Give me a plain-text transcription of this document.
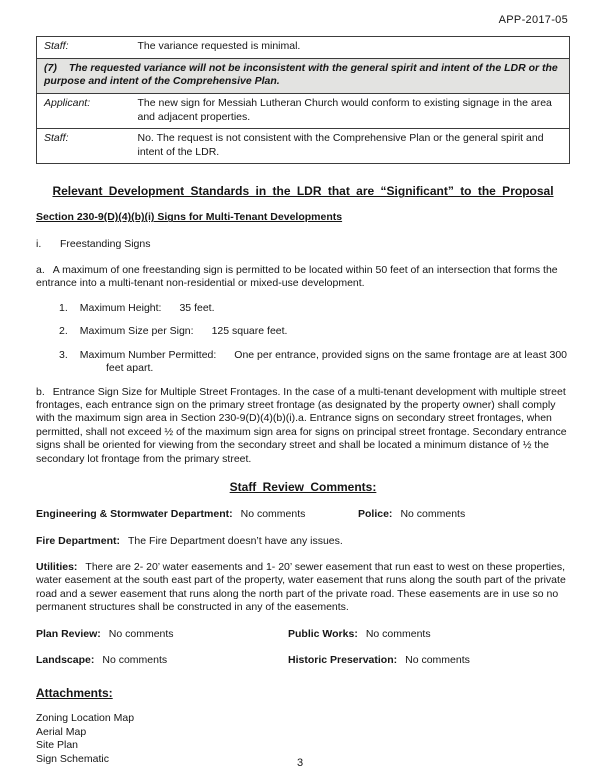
APP-2017-05
Staff:	The variance requested is minimal.
(7) The requested variance will not be inconsistent with the general spirit and intent of the LDR or the purpose and intent of the Comprehensive Plan.	
Applicant:	The new sign for Messiah Lutheran Church would conform to existing signage in the area and adjacent properties.
Staff:	No. The request is not consistent with the Comprehensive Plan or the general spirit and intent of the LDR.
Relevant Development Standards in the LDR that are “Significant” to the Proposal
Section 230-9(D)(4)(b)(i) Signs for Multi-Tenant Developments

i. Freestanding Signs

a. A maximum of one freestanding sign is permitted to be located within 50 feet of an intersection that forms the entrance into a multi-tenant non-residential or mixed-use development.

1. Maximum Height: 35 feet.
2. Maximum Size per Sign: 125 square feet.
3. Maximum Number Permitted: One per entrance, provided signs on the same frontage are at least 300 feet apart.

b. Entrance Sign Size for Multiple Street Frontages. In the case of a multi-tenant development with multiple street frontages, each entrance sign on the primary street frontage (as designated by the property owner) shall comply with the maximum sign area in Section 230-9(D)(4)(b)(i).a. Entrance signs on secondary street frontages, when permitted, shall not exceed ½ of the maximum sign area for signs on principal street frontage. Secondary entrance signs shall be oriented for viewing from the secondary street and shall be located a minimum distance of ½ the secondary lot frontage from the primary street.

Staff Review Comments:
Engineering & Stormwater Department: No comments	Police: No comments
Fire Department: The Fire Department doesn’t have any issues.
Utilities: There are 2- 20’ water easements and 1- 20’ sewer easement that run east to west on these properties, water easement at the south east part of the property, water easement that runs along the south part of the private road and a sewer easement that runs along the north part of the private road. These easements are in use so no permanent structures shall be constructed in any of the easements.
Plan Review: No comments	Public Works: No comments
Landscape: No comments	Historic Preservation: No comments
Attachments:
Zoning Location Map
Aerial Map
Site Plan
Sign Schematic	3
